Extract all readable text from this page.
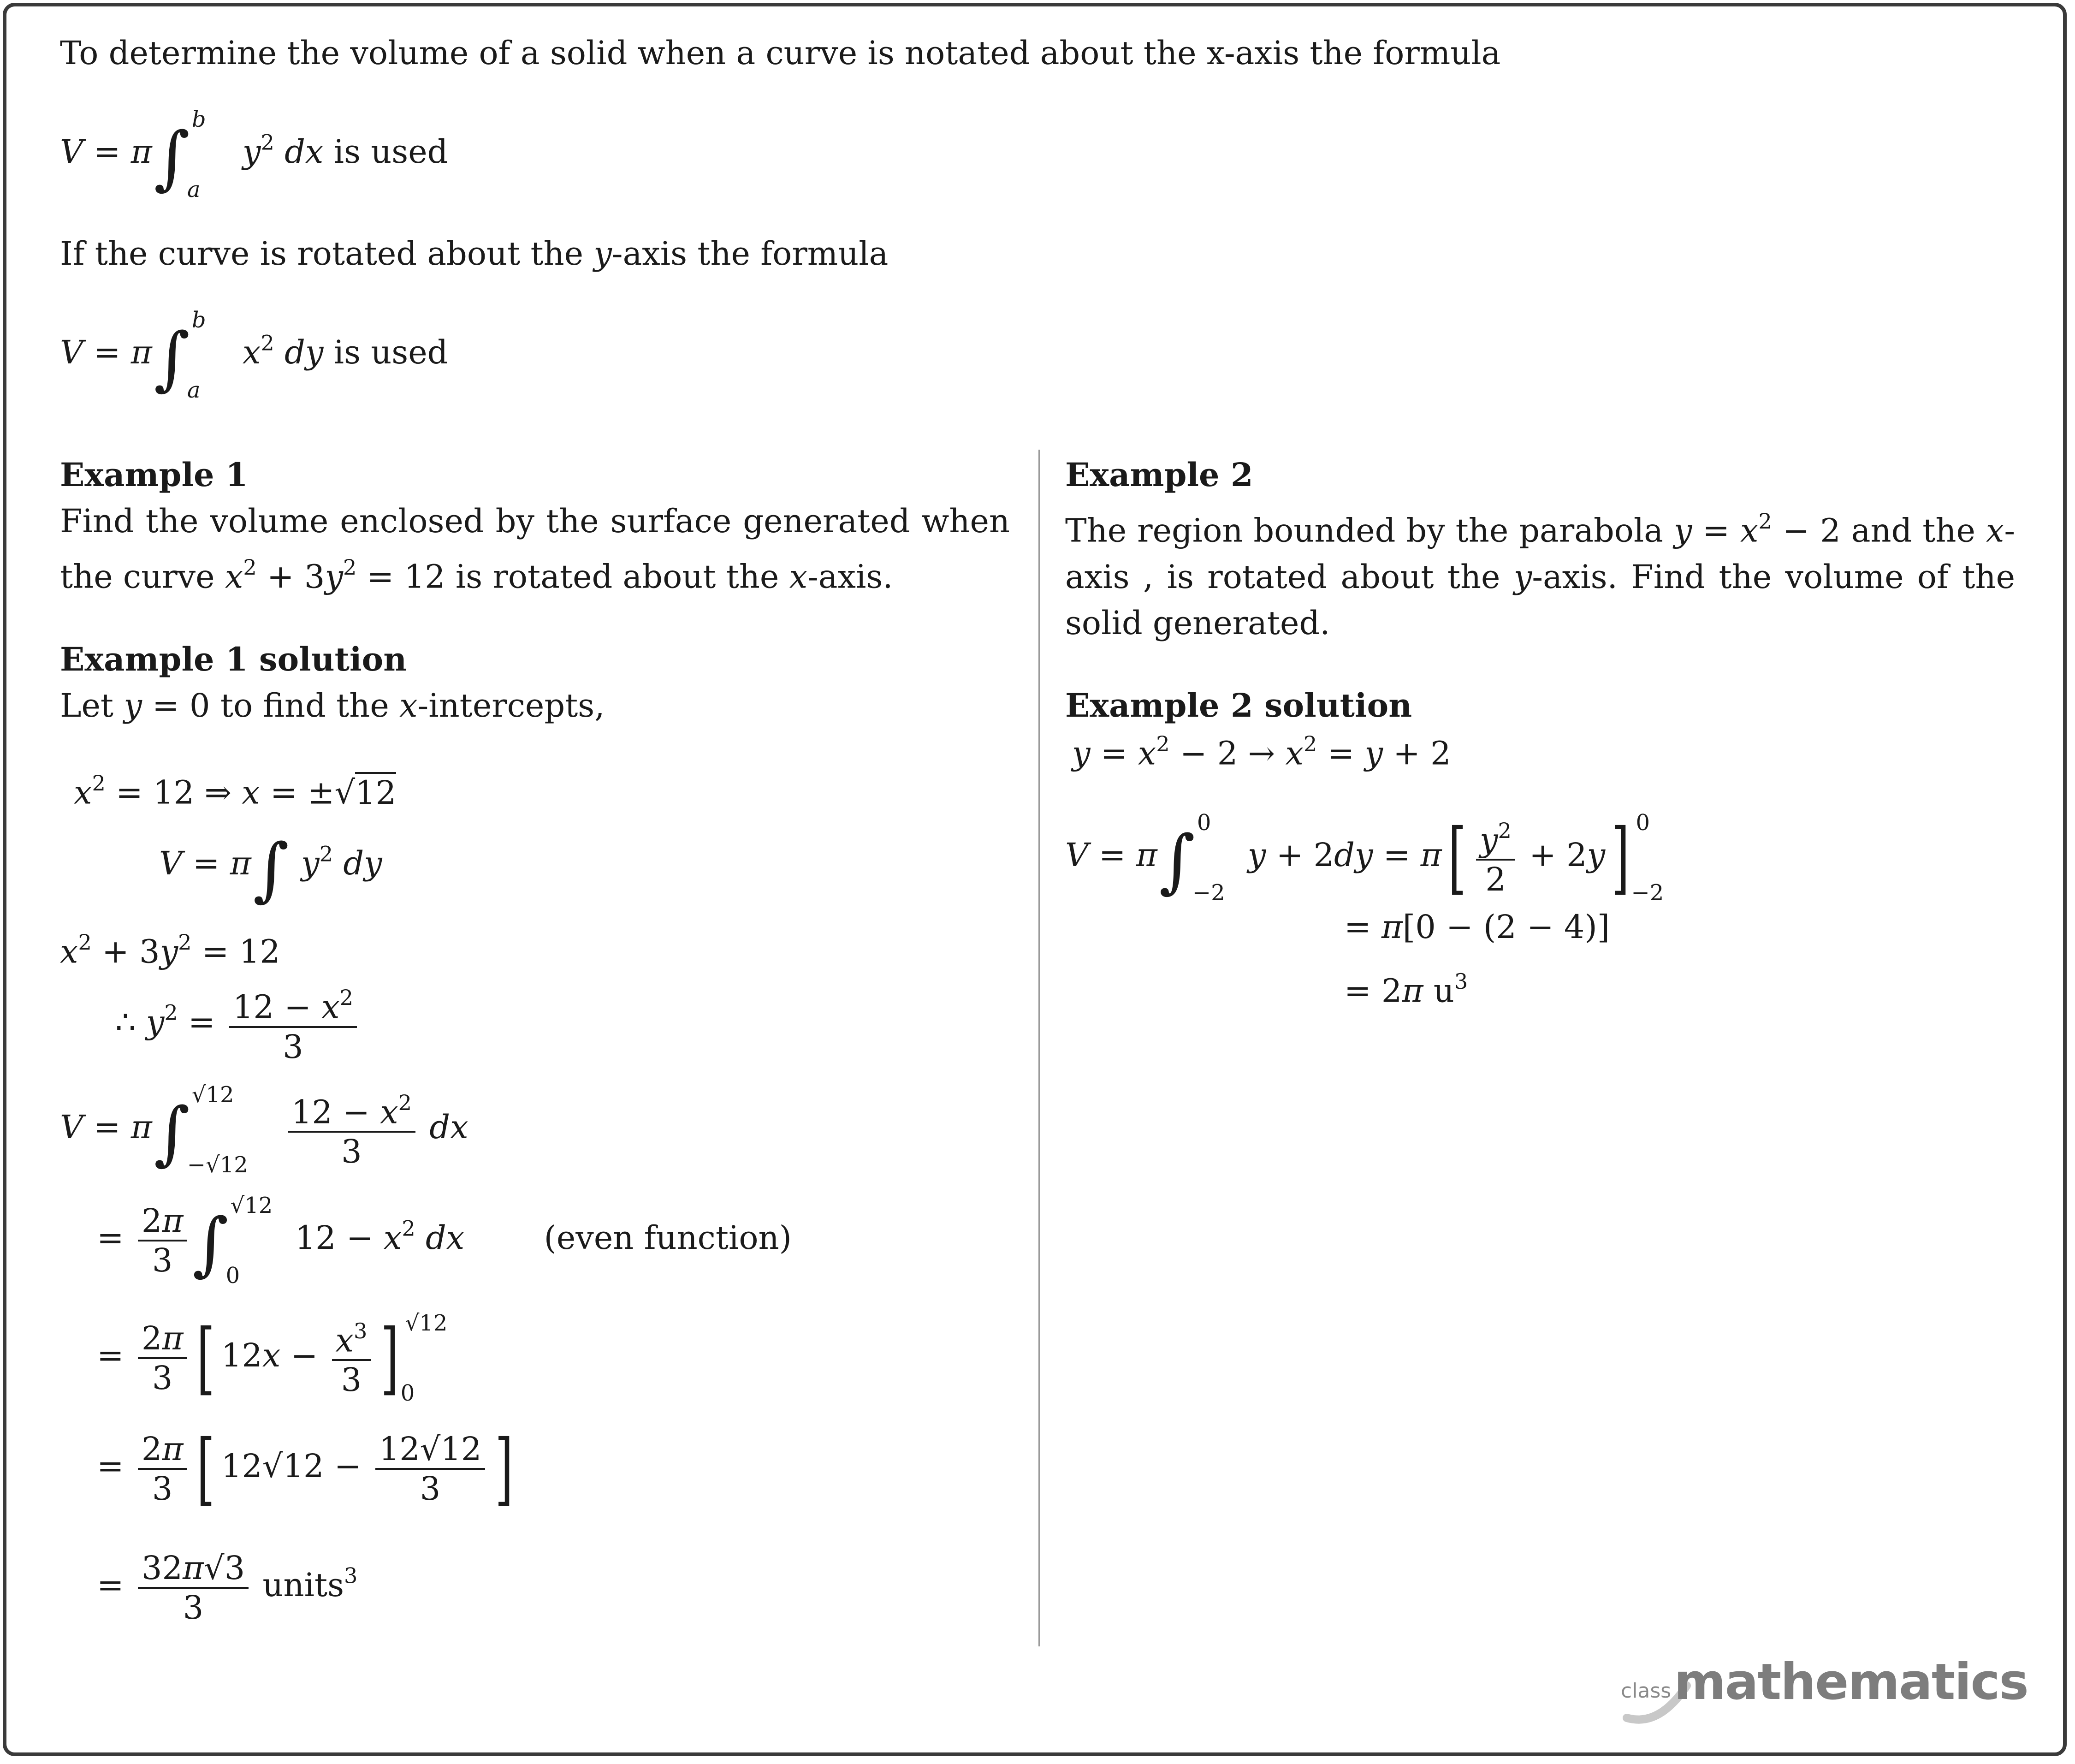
To determine the volume of a solid when a curve is notated about the x-axis the formula
V = π∫ b
a
$y^2$ dx is used
If the curve is rotated about the y-axis the formula
V = π∫ b
a
$x^2$ dy is used
Example 1
Find the volume enclosed by the surface generated when the curve $x^2 + 3y^2 = 12$ is rotated about the x-axis.
Example 1 solution
Let y = 0 to find the x-intercepts,
$x^2 = 12$ ⇒ x = ±√12
V = π∫ $y^2$ dy
$x^2 + 3y^2 = 12$
∴ $y^2 = \frac{12 - x^2}{3}$
V = π∫ √12
$-√12 \frac{12 - x^2}{3}$ dx
= $\frac{2\pi}{3}$ ∫ √12
0
$12 - x^2$ dx (even function)
= $\frac{2\pi}{3}$ [ $12x - \frac{x^3}{3}$ ] √12
0
= $\frac{2\pi}{3}$ [ $12√12 - \frac{12√12}{3}$ ]
= $\frac{32\pi√3}{3}$ units$^3$
Example 2
The region bounded by the parabola $y = x^2 - 2$ and the x-axis , is rotated about the y-axis. Find the volume of the solid generated.
Example 2 solution
$y = x^2 - 2 \to x^2 = y + 2$
V = π∫ 0
−2
$y + 2dy = \pi[ \frac{y^2}{2} + 2y]$ 0
−2
= π[0 − (2 − 4)]
= 2π $u^3$
class mathematics
